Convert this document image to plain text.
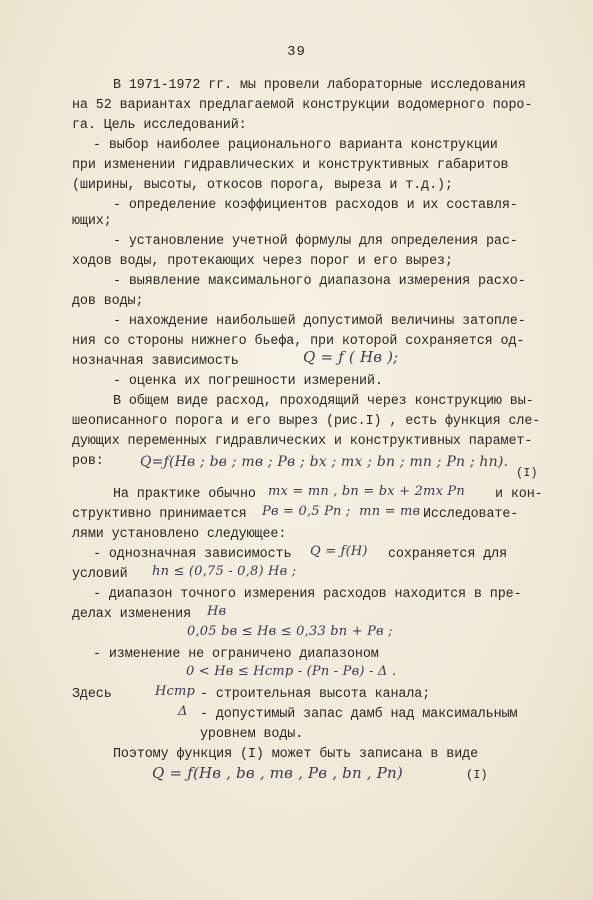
39
В 1971-1972 гг. мы провели лабораторные исследования
на 52 вариантах предлагаемой конструкции водомерного поро-
га. Цель исследований:
- выбор наиболее рационального варианта конструкции
при изменении гидравлических и конструктивных габаритов
(ширины, высоты, откосов порога, выреза и т.д.);
- определение коэффициентов расходов и их составля-
ющих;
- установление учетной формулы для определения рас-
ходов воды, протекающих через порог и его вырез;
- выявление максимального диапазона измерения расхо-
дов воды;
- нахождение наибольшей допустимой величины затопле-
ния со стороны нижнего бьефа, при которой сохраняется од-
нозначная зависимость	Q = ƒ ( Hв );
- оценка их погрешности измерений.
В общем виде расход, проходящий через конструкцию вы-
шеописанного порога и его вырез (рис.I) , есть функция сле-
дующих переменных гидравлических и конструктивных парамет-
ров:	Q=ƒ(Hв ; bв ; mв ; Pв ; bх ; mх ; bп ; mп ; Pп ; hп).
(I)
На практике обычно mх = mп , bп = bх + 2mх Pп и кон-
структивно принимается Pв = 0,5 Pп ;  mп = mв .
Исследовате-
лями установлено следующее:
- однозначная зависимость Q = ƒ(H) сохраняется для
условий hп ≤ (0,75 - 0,8) Hв ;
- диапазон точного измерения расходов находится в пре-
делах изменения Hв
0,05 bв ≤ Hв ≤ 0,33 bп + Pв ;
- изменение не ограничено диапазоном
0 < Hв ≤ Hстр - (Pп - Pв) - Δ .
Здесь	Hстр - строительная высота канала;
Δ - допустимый запас дамб над максимальным
уровнем воды.
Поэтому функция (I) может быть записана в виде
Q = ƒ(Hв , bв , mв , Pв , bп , Pп)	(I)
